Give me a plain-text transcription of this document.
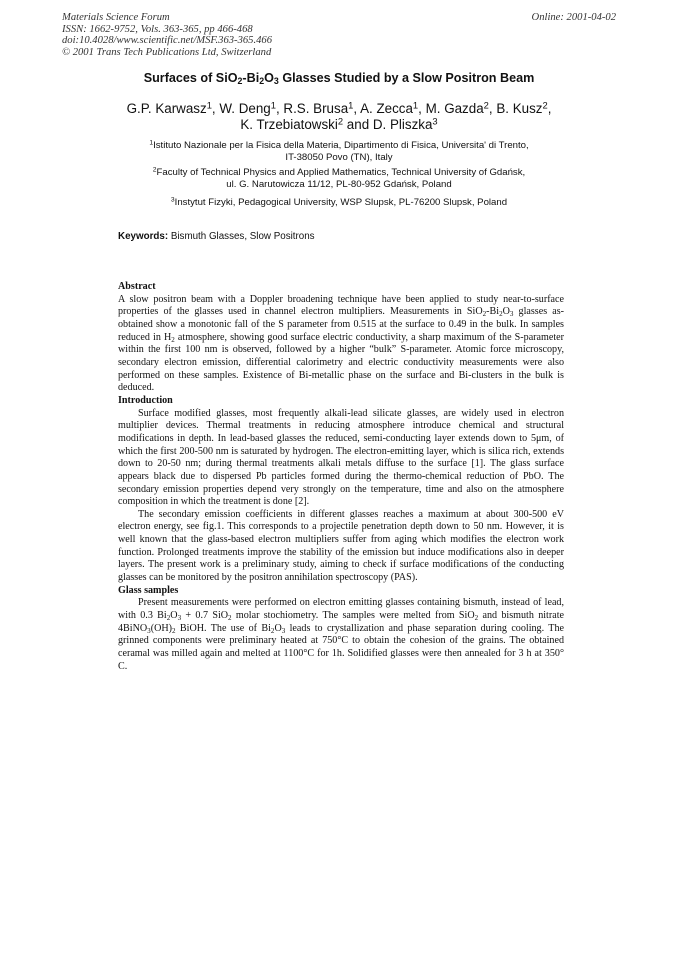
Materials Science Forum
ISSN: 1662-9752, Vols. 363-365, pp 466-468
doi:10.4028/www.scientific.net/MSF.363-365.466
© 2001 Trans Tech Publications Ltd, Switzerland
Online: 2001-04-02
Surfaces of $SiO_2-Bi_2O_3$ Glasses Studied by a Slow Positron Beam
G.P. Karwasz$^1$, W. Deng$^1$, R.S. Brusa$^1$, A. Zecca$^1$, M. Gazda$^2$, B. Kusz$^2$,
K. Trzebiatowski$^2$ and D. Pliszka$^3$
$^1$Istituto Nazionale per la Fisica della Materia, Dipartimento di Fisica, Universita' di Trento,
IT-38050 Povo (TN), Italy
$^2$Faculty of Technical Physics and Applied Mathematics, Technical University of Gdańsk,
ul. G. Narutowicza 11/12, PL-80-952 Gdańsk, Poland
$^3$Instytut Fizyki, Pedagogical University, WSP Slupsk, PL-76200 Slupsk, Poland
Keywords: Bismuth Glasses, Slow Positrons
Abstract

A slow positron beam with a Doppler broadening technique have been applied to study near-to-surface properties of the glasses used in channel electron multipliers. Measurements in $SiO_2-Bi_2O_3$ glasses as-obtained show a monotonic fall of the S parameter from 0.515 at the surface to 0.49 in the bulk. In samples reduced in $H_2$ atmosphere, showing good surface electric conductivity, a sharp maximum of the S-parameter within the first 100 nm is observed, followed by a higher “bulk” S-parameter. Atomic force microscopy, secondary electron emission, differential calorimetry and electric conductivity measurements were also performed on these samples. Existence of Bi-metallic phase on the surface and Bi-clusters in the bulk is deduced.

Introduction

Surface modified glasses, most frequently alkali-lead silicate glasses, are widely used in electron multiplier devices. Thermal treatments in reducing atmosphere introduce chemical and structural modifications in depth. In lead-based glasses the reduced, semi-conducting layer extends down to 5μm, of which the first 200-500 nm is saturated by hydrogen. The electron-emitting layer, which is silica rich, extends down to 20-50 nm; during thermal treatments alkali metals diffuse to the surface [1]. The glass surface appears black due to dispersed Pb particles formed during the thermo-chemical reduction of PbO. The secondary emission properties depend very strongly on the temperature, time and also on the atmosphere composition in which the treatment is done [2].

The secondary emission coefficients in different glasses reaches a maximum at about 300-500 eV electron energy, see fig.1. This corresponds to a projectile penetration depth down to 50 nm. However, it is well known that the glass-based electron multipliers suffer from aging which modifies the electron work function. Prolonged treatments improve the stability of the emission but induce modifications also in deeper layers. The present work is a preliminary study, aiming to check if surface modifications of the conducting glasses can be monitored by the positron annihilation spectroscopy (PAS).

Glass samples

Present measurements were performed on electron emitting glasses containing bismuth, instead of lead, with 0.3 $Bi_2O_3 + 0.7$ SiO$_2$ molar stochiometry. The samples were melted from SiO$_2$ and bismuth nitrate $4BiNO_3(OH)_2$ BiOH. The use of $Bi_2O_3$ leads to crystallization and phase separation during cooling. The grinned components were preliminary heated at 750°C to obtain the cohesion of the grains. The obtained ceramal was milled again and melted at 1100°C for 1h. Solidified glasses were then annealed for 3 h at 350° C.
